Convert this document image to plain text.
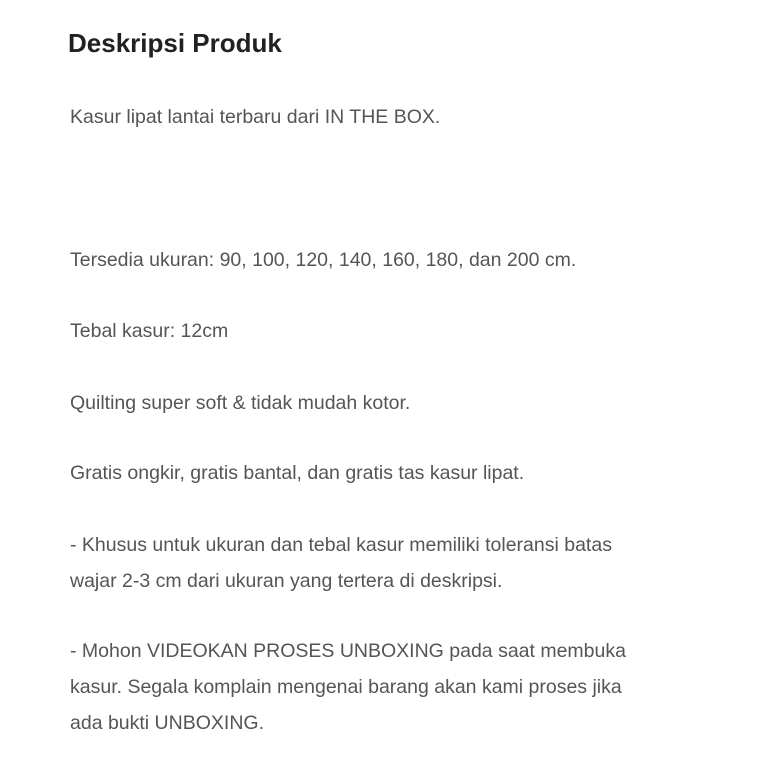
Deskripsi Produk

Kasur lipat lantai terbaru dari IN THE BOX.

Tersedia ukuran: 90, 100, 120, 140, 160, 180, dan 200 cm.

Tebal kasur: 12cm

Quilting super soft & tidak mudah kotor.

Gratis ongkir, gratis bantal, dan gratis tas kasur lipat.

- Khusus untuk ukuran dan tebal kasur memiliki toleransi batas
wajar 2-3 cm dari ukuran yang tertera di deskripsi.

- Mohon VIDEOKAN PROSES UNBOXING pada saat membuka
kasur. Segala komplain mengenai barang akan kami proses jika
ada bukti UNBOXING.
